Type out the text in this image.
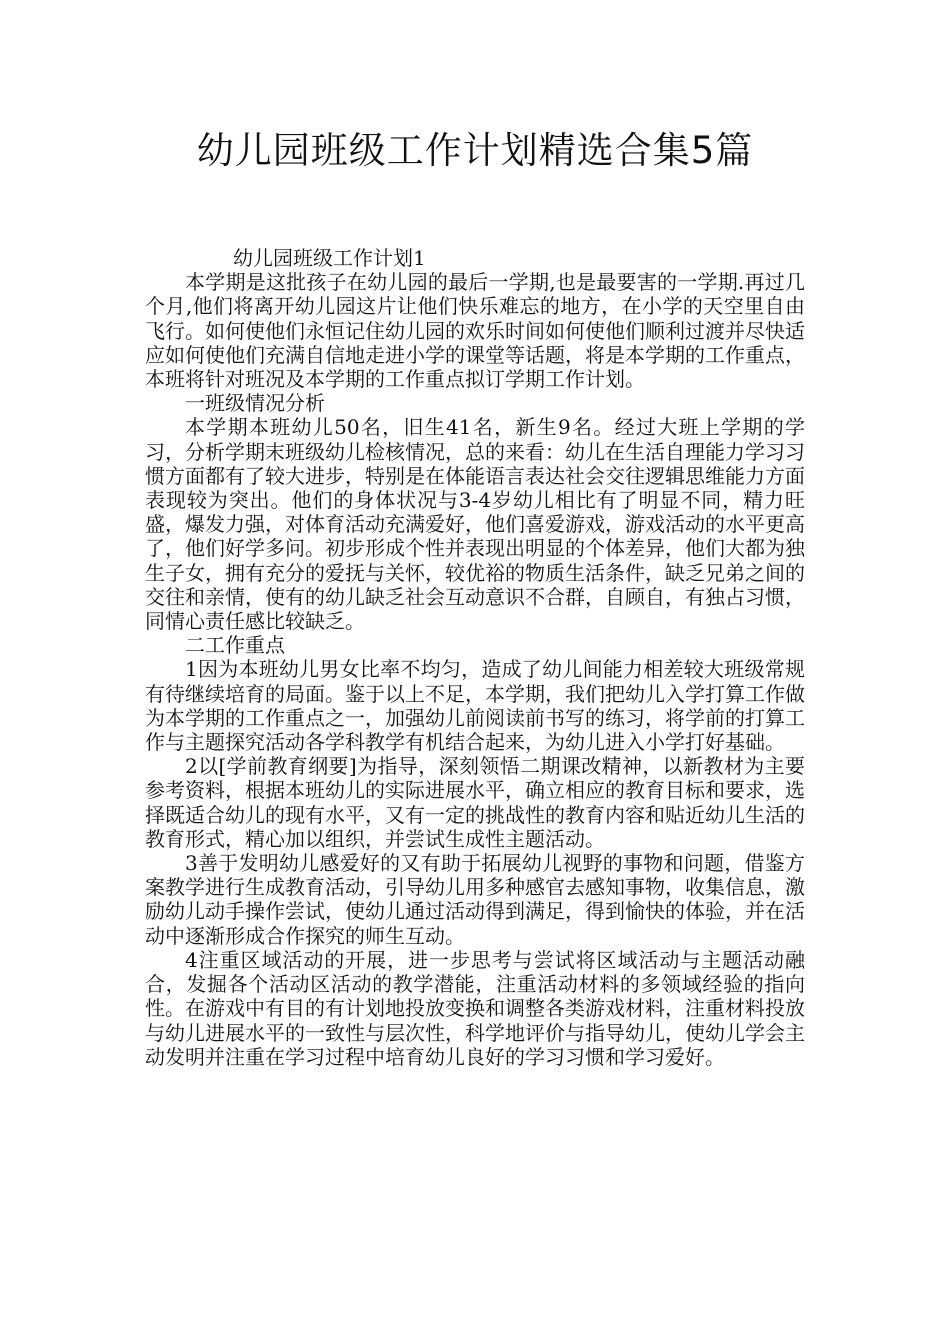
幼儿园班级工作计划精选合集5篇

幼儿园班级工作计划1

本学期是这批孩子在幼儿园的最后一学期,也是最要害的一学期.再过几个月,他们将离开幼儿园这片让他们快乐难忘的地方，在小学的天空里自由飞行。如何使他们永恒记住幼儿园的欢乐时间如何使他们顺利过渡并尽快适应如何使他们充满自信地走进小学的课堂等话题，将是本学期的工作重点，本班将针对班况及本学期的工作重点拟订学期工作计划。

一班级情况分析

本学期本班幼儿50名，旧生41名，新生9名。经过大班上学期的学习，分析学期末班级幼儿检核情况，总的来看：幼儿在生活自理能力学习习惯方面都有了较大进步，特别是在体能语言表达社会交往逻辑思维能力方面表现较为突出。他们的身体状况与3-4岁幼儿相比有了明显不同，精力旺盛，爆发力强，对体育活动充满爱好，他们喜爱游戏，游戏活动的水平更高了，他们好学多问。初步形成个性并表现出明显的个体差异，他们大都为独生子女，拥有充分的爱抚与关怀，较优裕的物质生活条件，缺乏兄弟之间的交往和亲情，使有的幼儿缺乏社会互动意识不合群，自顾自，有独占习惯，同情心责任感比较缺乏。

二工作重点

1因为本班幼儿男女比率不均匀，造成了幼儿间能力相差较大班级常规有待继续培育的局面。鉴于以上不足，本学期，我们把幼儿入学打算工作做为本学期的工作重点之一，加强幼儿前阅读前书写的练习，将学前的打算工作与主题探究活动各学科教学有机结合起来，为幼儿进入小学打好基础。

2以[学前教育纲要]为指导，深刻领悟二期课改精神，以新教材为主要参考资料，根据本班幼儿的实际进展水平，确立相应的教育目标和要求，选择既适合幼儿的现有水平，又有一定的挑战性的教育内容和贴近幼儿生活的教育形式，精心加以组织，并尝试生成性主题活动。

3善于发明幼儿感爱好的又有助于拓展幼儿视野的事物和问题，借鉴方案教学进行生成教育活动，引导幼儿用多种感官去感知事物，收集信息，激励幼儿动手操作尝试，使幼儿通过活动得到满足，得到愉快的体验，并在活动中逐渐形成合作探究的师生互动。

4注重区域活动的开展，进一步思考与尝试将区域活动与主题活动融合，发掘各个活动区活动的教学潜能，注重活动材料的多领域经验的指向性。在游戏中有目的有计划地投放变换和调整各类游戏材料，注重材料投放与幼儿进展水平的一致性与层次性，科学地评价与指导幼儿，使幼儿学会主动发明并注重在学习过程中培育幼儿良好的学习习惯和学习爱好。
